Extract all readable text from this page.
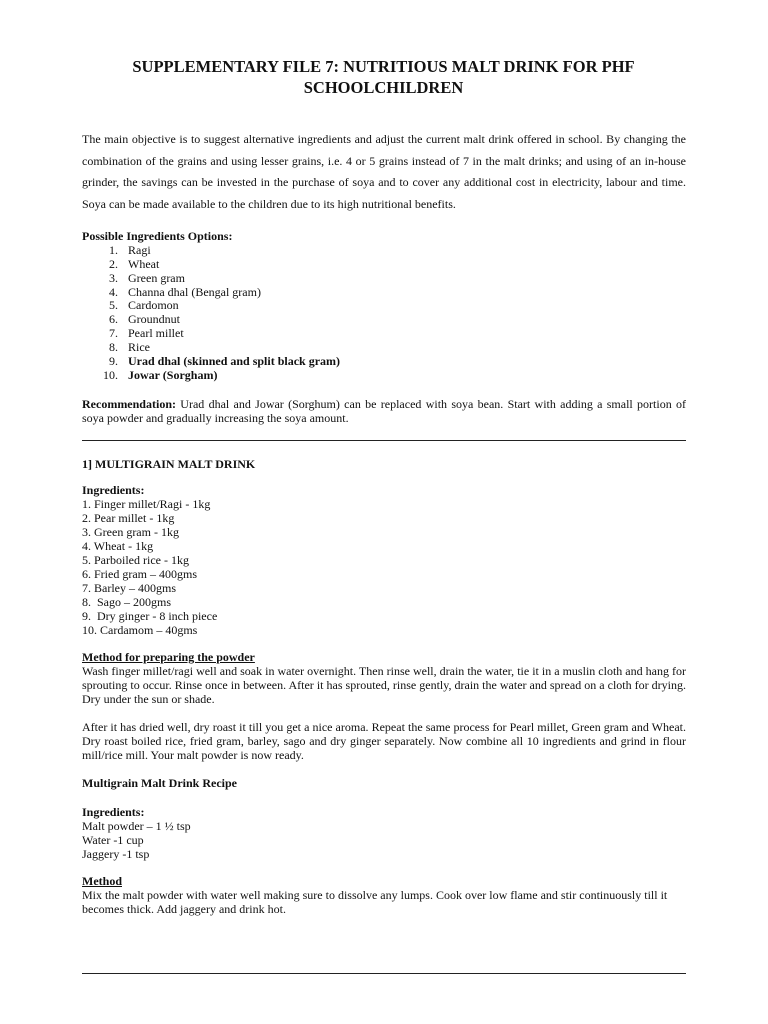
SUPPLEMENTARY FILE 7: NUTRITIOUS MALT DRINK FOR PHF SCHOOLCHILDREN
The main objective is to suggest alternative ingredients and adjust the current malt drink offered in school. By changing the combination of the grains and using lesser grains, i.e. 4 or 5 grains instead of 7 in the malt drinks; and using of an in-house grinder, the savings can be invested in the purchase of soya and to cover any additional cost in electricity, labour and time. Soya can be made available to the children due to its high nutritional benefits.
Possible Ingredients Options:
1. Ragi
2. Wheat
3. Green gram
4. Channa dhal (Bengal gram)
5. Cardomon
6. Groundnut
7. Pearl millet
8. Rice
9. Urad dhal (skinned and split black gram)
10. Jowar (Sorgham)
Recommendation: Urad dhal and Jowar (Sorghum) can be replaced with soya bean. Start with adding a small portion of soya powder and gradually increasing the soya amount.
1] MULTIGRAIN MALT DRINK
Ingredients:
1. Finger millet/Ragi - 1kg
2. Pear millet - 1kg
3. Green gram - 1kg
4. Wheat - 1kg
5. Parboiled rice - 1kg
6. Fried gram – 400gms
7. Barley – 400gms
8.  Sago – 200gms
9.  Dry ginger - 8 inch piece
10. Cardamom – 40gms
Method for preparing the powder
Wash finger millet/ragi well and soak in water overnight. Then rinse well, drain the water, tie it in a muslin cloth and hang for sprouting to occur. Rinse once in between. After it has sprouted, rinse gently, drain the water and spread on a cloth for drying. Dry under the sun or shade.
After it has dried well, dry roast it till you get a nice aroma. Repeat the same process for Pearl millet, Green gram and Wheat. Dry roast boiled rice, fried gram, barley, sago and dry ginger separately. Now combine all 10 ingredients and grind in flour mill/rice mill. Your malt powder is now ready.
Multigrain Malt Drink Recipe
Ingredients:
Malt powder – 1 ½ tsp
Water -1 cup
Jaggery -1 tsp
Method
Mix the malt powder with water well making sure to dissolve any lumps. Cook over low flame and stir continuously till it becomes thick. Add jaggery and drink hot.
